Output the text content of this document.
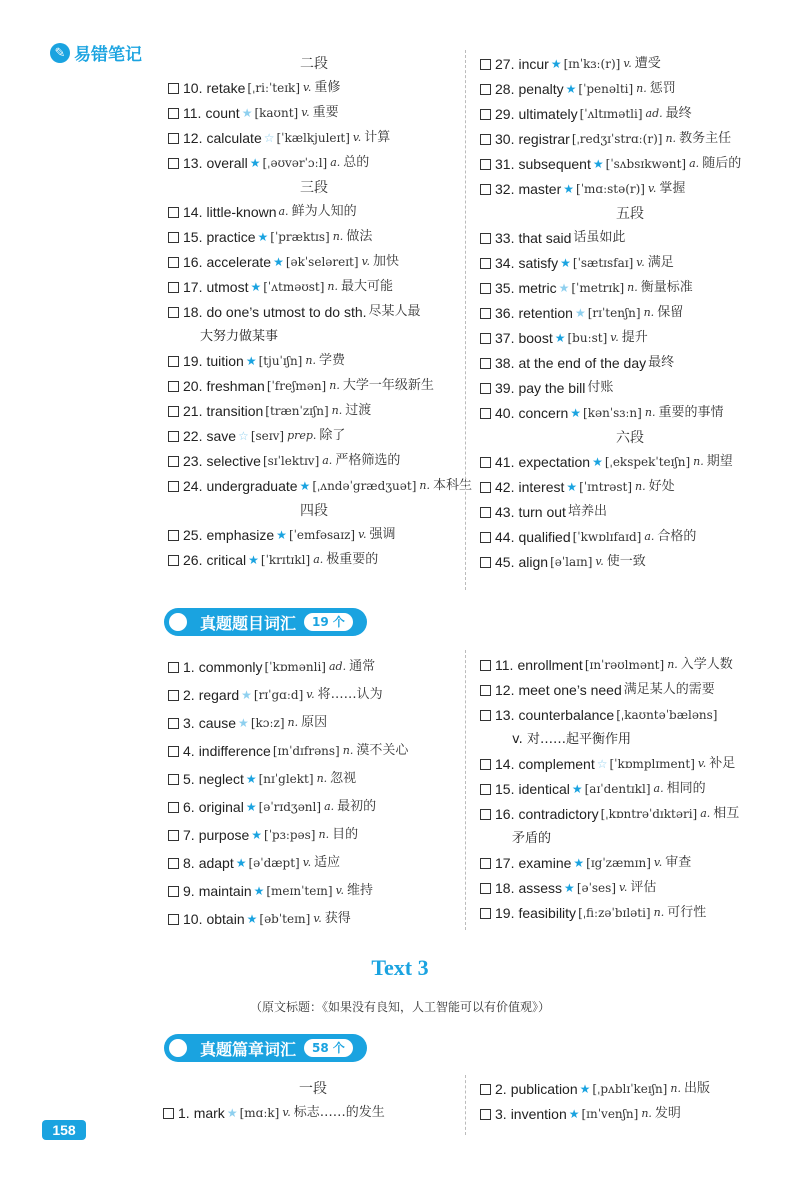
✎ 易错笔记	二段
10. retake [ˌriːˈteɪk] v. 重修
11. count ★ [kaʊnt] v. 重要
12. calculate ☆ [ˈkælkjuleɪt] v. 计算
13. overall ★ [ˌəʊvərˈɔːl] a. 总的
三段
14. little-known a. 鲜为人知的
15. practice ★ [ˈpræktɪs] n. 做法
16. accelerate ★ [əkˈseləreɪt] v. 加快
17. utmost ★ [ˈʌtməʊst] n. 最大可能
18. do one’s utmost to do sth. 尽某人最
大努力做某事
19. tuition ★ [tjuˈɪʃn] n. 学费
20. freshman [ˈfreʃmən] n. 大学一年级新生
21. transition [trænˈzɪʃn] n. 过渡
22. save ☆ [seɪv] prep. 除了
23. selective [sɪˈlektɪv] a. 严格筛选的
24. undergraduate ★ [ˌʌndəˈgrædʒuət] n. 本科生
四段
25. emphasize ★ [ˈemfəsaɪz] v. 强调
26. critical ★ [ˈkrɪtɪkl] a. 极重要的
27. incur ★ [ɪnˈkɜː(r)] v. 遭受
28. penalty ★ [ˈpenəlti] n. 惩罚
29. ultimately [ˈʌltɪmətli] ad. 最终
30. registrar [ˌredʒɪˈstrɑː(r)] n. 教务主任
31. subsequent ★ [ˈsʌbsɪkwənt] a. 随后的
32. master ★ [ˈmɑːstə(r)] v. 掌握
五段
33. that said 话虽如此
34. satisfy ★ [ˈsætɪsfaɪ] v. 满足
35. metric ★ [ˈmetrɪk] n. 衡量标准
36. retention ★ [rɪˈtenʃn] n. 保留
37. boost ★ [buːst] v. 提升
38. at the end of the day 最终
39. pay the bill 付账
40. concern ★ [kənˈsɜːn] n. 重要的事情
六段
41. expectation ★ [ˌekspekˈteɪʃn] n. 期望
42. interest ★ [ˈɪntrəst] n. 好处
43. turn out 培养出
44. qualified [ˈkwɒlɪfaɪd] a. 合格的
45. align [əˈlaɪn] v. 使一致
真题题目词汇	19 个
1. commonly [ˈkɒmənli] ad. 通常
2. regard ★ [rɪˈgɑːd] v. 将……认为
3. cause ★ [kɔːz] n. 原因
4. indifference [ɪnˈdɪfrəns] n. 漠不关心
5. neglect ★ [nɪˈglekt] n. 忽视
6. original ★ [əˈrɪdʒənl] a. 最初的
7. purpose ★ [ˈpɜːpəs] n. 目的
8. adapt ★ [əˈdæpt] v. 适应
9. maintain ★ [meɪnˈteɪn] v. 维持
10. obtain ★ [əbˈteɪn] v. 获得
11. enrollment [ɪnˈrəʊlmənt] n. 入学人数
12. meet one’s need 满足某人的需要
13. counterbalance [ˌkaʊntəˈbæləns]
v. 对……起平衡作用
14. complement ☆ [ˈkɒmplɪment] v. 补足
15. identical ★ [aɪˈdentɪkl] a. 相同的
16. contradictory [ˌkɒntrəˈdɪktəri] a. 相互
矛盾的
17. examine ★ [ɪgˈzæmɪn] v. 审查
18. assess ★ [əˈses] v. 评估
19. feasibility [ˌfiːzəˈbɪləti] n. 可行性
Text 3
（原文标题：《如果没有良知，人工智能可以有价值观》）
真题篇章词汇	58 个
一段
1. mark ★ [mɑːk] v. 标志……的发生
2. publication ★ [ˌpʌblɪˈkeɪʃn] n. 出版
3. invention ★ [ɪnˈvenʃn] n. 发明
158
